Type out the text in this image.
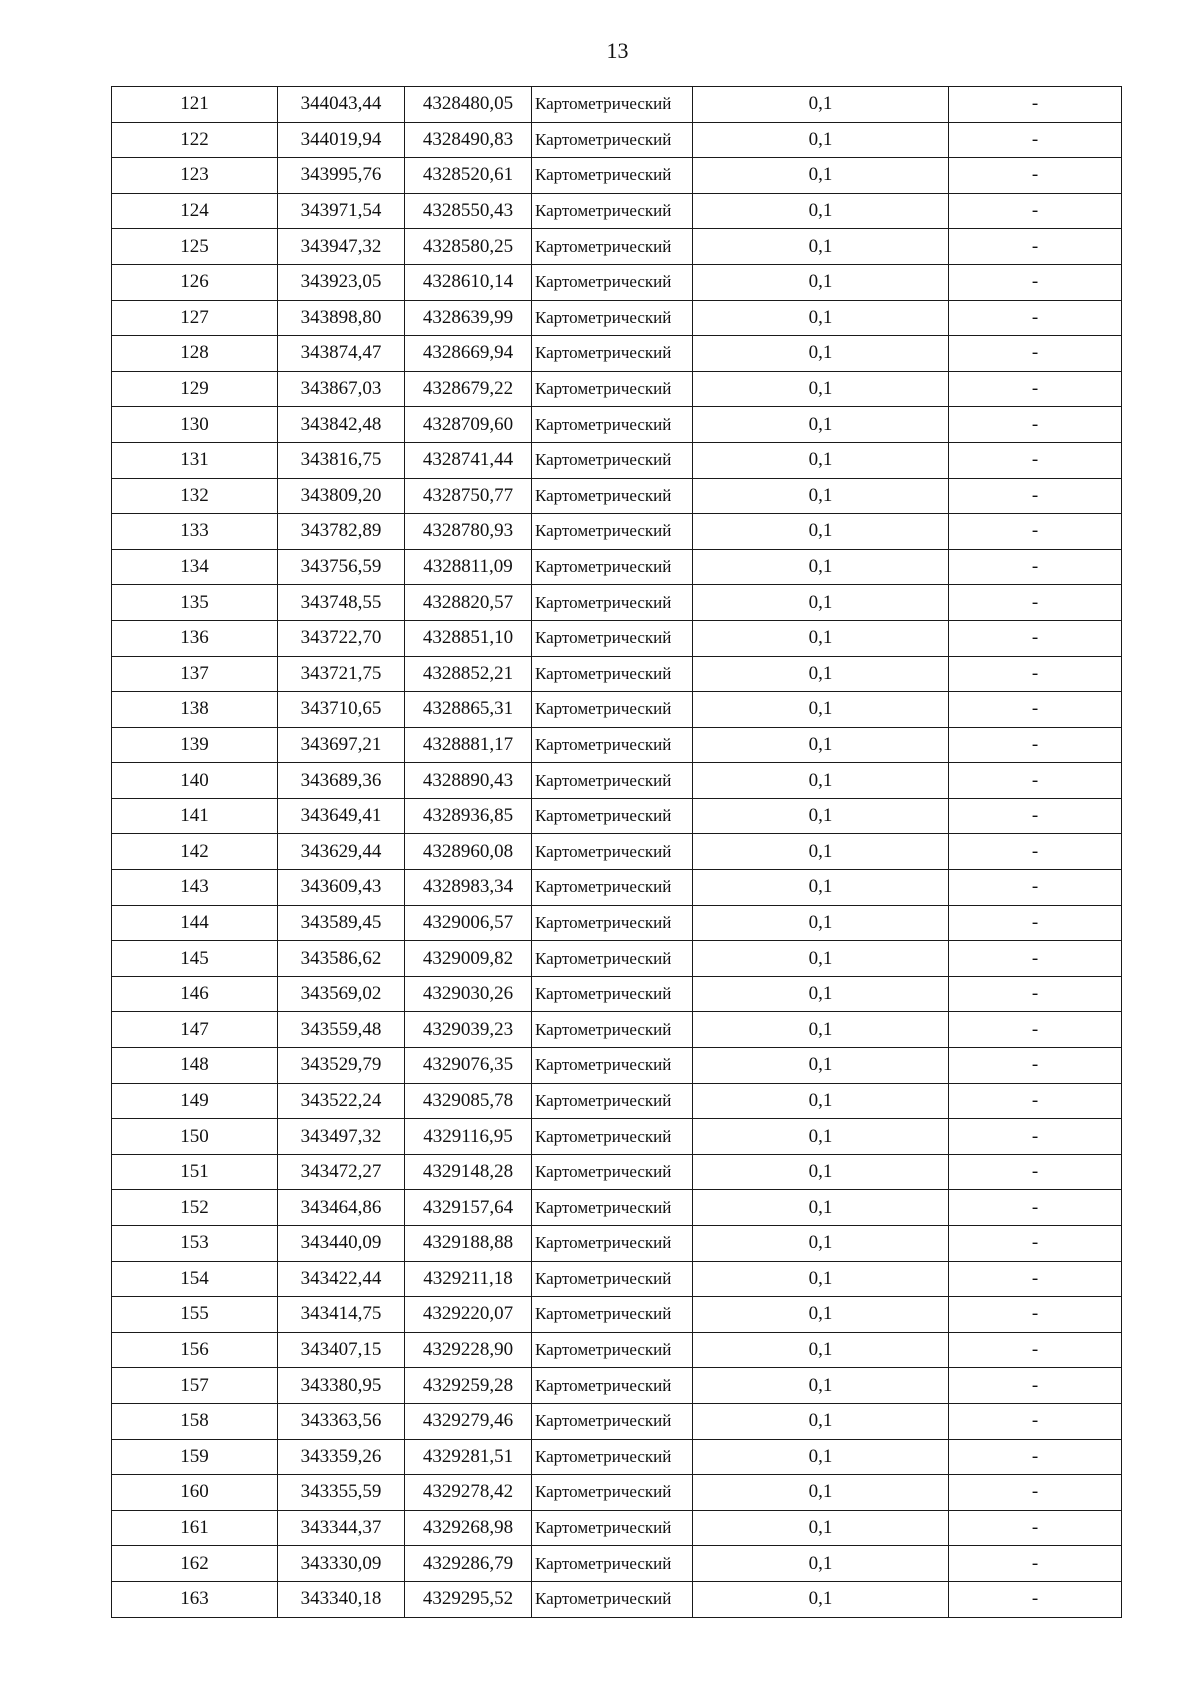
13
121	344043,44	4328480,05	Картометрический	0,1	-
122	344019,94	4328490,83	Картометрический	0,1	-
123	343995,76	4328520,61	Картометрический	0,1	-
124	343971,54	4328550,43	Картометрический	0,1	-
125	343947,32	4328580,25	Картометрический	0,1	-
126	343923,05	4328610,14	Картометрический	0,1	-
127	343898,80	4328639,99	Картометрический	0,1	-
128	343874,47	4328669,94	Картометрический	0,1	-
129	343867,03	4328679,22	Картометрический	0,1	-
130	343842,48	4328709,60	Картометрический	0,1	-
131	343816,75	4328741,44	Картометрический	0,1	-
132	343809,20	4328750,77	Картометрический	0,1	-
133	343782,89	4328780,93	Картометрический	0,1	-
134	343756,59	4328811,09	Картометрический	0,1	-
135	343748,55	4328820,57	Картометрический	0,1	-
136	343722,70	4328851,10	Картометрический	0,1	-
137	343721,75	4328852,21	Картометрический	0,1	-
138	343710,65	4328865,31	Картометрический	0,1	-
139	343697,21	4328881,17	Картометрический	0,1	-
140	343689,36	4328890,43	Картометрический	0,1	-
141	343649,41	4328936,85	Картометрический	0,1	-
142	343629,44	4328960,08	Картометрический	0,1	-
143	343609,43	4328983,34	Картометрический	0,1	-
144	343589,45	4329006,57	Картометрический	0,1	-
145	343586,62	4329009,82	Картометрический	0,1	-
146	343569,02	4329030,26	Картометрический	0,1	-
147	343559,48	4329039,23	Картометрический	0,1	-
148	343529,79	4329076,35	Картометрический	0,1	-
149	343522,24	4329085,78	Картометрический	0,1	-
150	343497,32	4329116,95	Картометрический	0,1	-
151	343472,27	4329148,28	Картометрический	0,1	-
152	343464,86	4329157,64	Картометрический	0,1	-
153	343440,09	4329188,88	Картометрический	0,1	-
154	343422,44	4329211,18	Картометрический	0,1	-
155	343414,75	4329220,07	Картометрический	0,1	-
156	343407,15	4329228,90	Картометрический	0,1	-
157	343380,95	4329259,28	Картометрический	0,1	-
158	343363,56	4329279,46	Картометрический	0,1	-
159	343359,26	4329281,51	Картометрический	0,1	-
160	343355,59	4329278,42	Картометрический	0,1	-
161	343344,37	4329268,98	Картометрический	0,1	-
162	343330,09	4329286,79	Картометрический	0,1	-
163	343340,18	4329295,52	Картометрический	0,1	-
